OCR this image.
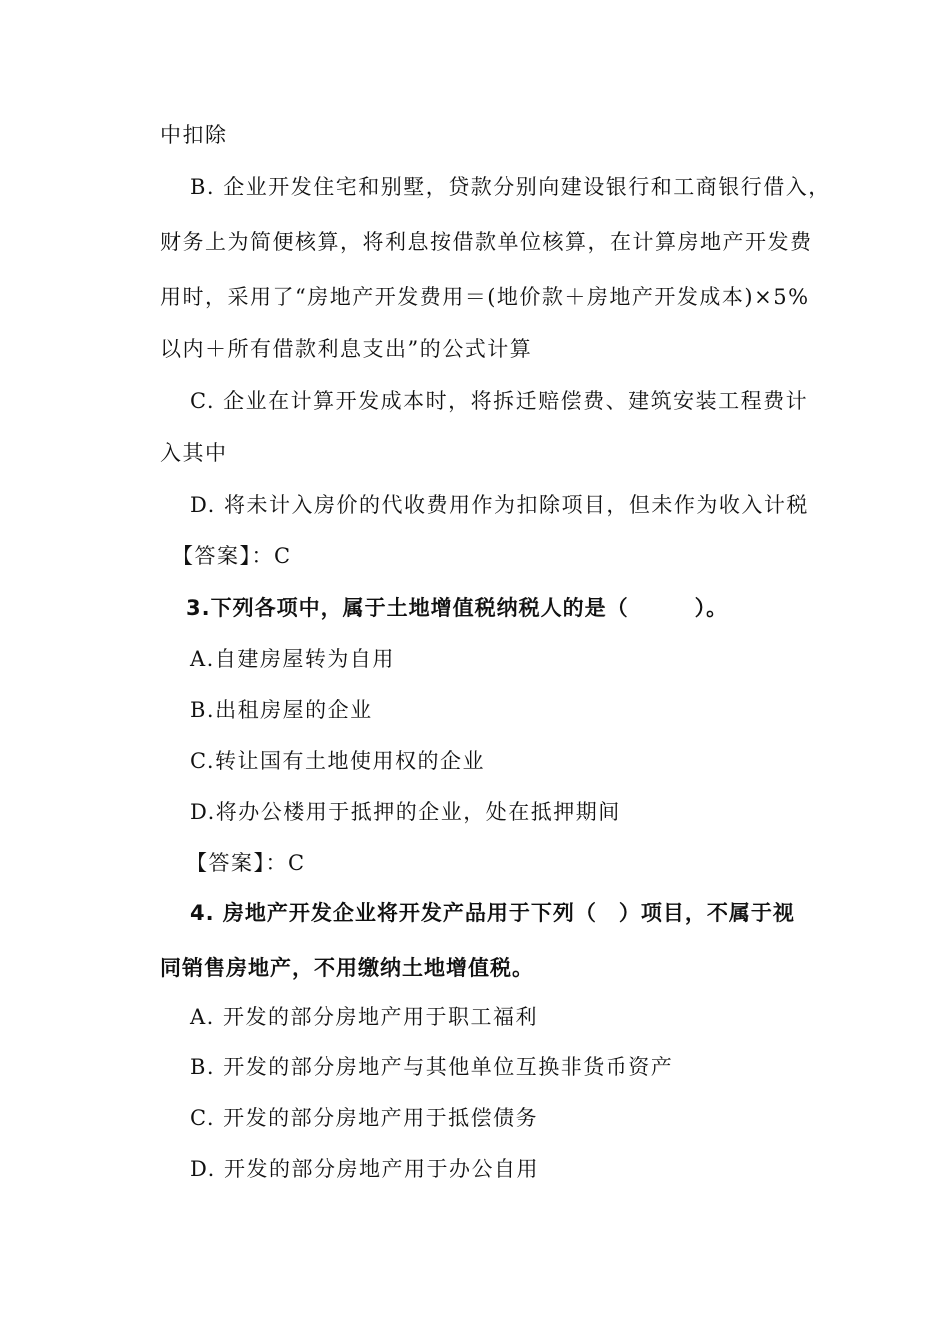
中扣除
B. 企业开发住宅和别墅，贷款分别向建设银行和工商银行借入，
财务上为简便核算，将利息按借款单位核算，在计算房地产开发费
用时，采用了“房地产开发费用＝(地价款＋房地产开发成本)×5%
以内＋所有借款利息支出”的公式计算
C. 企业在计算开发成本时，将拆迁赔偿费、建筑安装工程费计
入其中
D. 将未计入房价的代收费用作为扣除项目，但未作为收入计税
【答案】：C
3.下列各项中，属于土地增值税纳税人的是（　　　）。
A.自建房屋转为自用
B.出租房屋的企业
C.转让国有土地使用权的企业
D.将办公楼用于抵押的企业，处在抵押期间
【答案】：C
4. 房地产开发企业将开发产品用于下列（　）项目，不属于视
同销售房地产，不用缴纳土地增值税。
A. 开发的部分房地产用于职工福利
B. 开发的部分房地产与其他单位互换非货币资产
C. 开发的部分房地产用于抵偿债务
D. 开发的部分房地产用于办公自用
